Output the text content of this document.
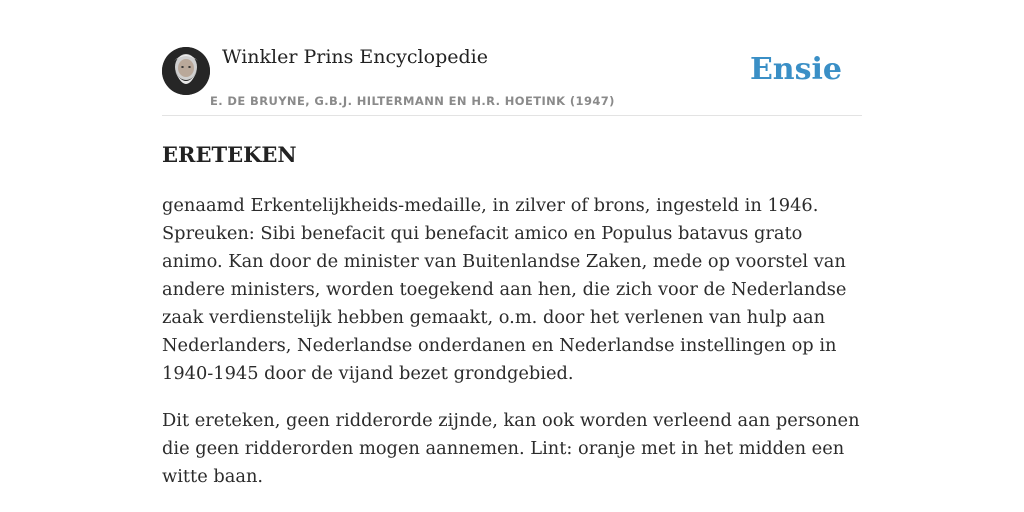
Winkler Prins Encyclopedie
E. DE BRUYNE, G.B.J. HILTERMANN EN H.R. HOETINK (1947)
Ensie
ERETEKEN

genaamd Erkentelijkheids-medaille, in zilver of brons, ingesteld in 1946. Spreuken: Sibi benefacit qui benefacit amico en Populus batavus grato animo. Kan door de minister van Buitenlandse Zaken, mede op voorstel van andere ministers, worden toegekend aan hen, die zich voor de Nederlandse zaak verdienstelijk hebben gemaakt, o.m. door het verlenen van hulp aan Nederlanders, Nederlandse onderdanen en Nederlandse instellingen op in 1940-1945 door de vijand bezet grondgebied.

Dit ereteken, geen ridderorde zijnde, kan ook worden verleend aan personen die geen ridderorden mogen aannemen. Lint: oranje met in het midden een witte baan.
